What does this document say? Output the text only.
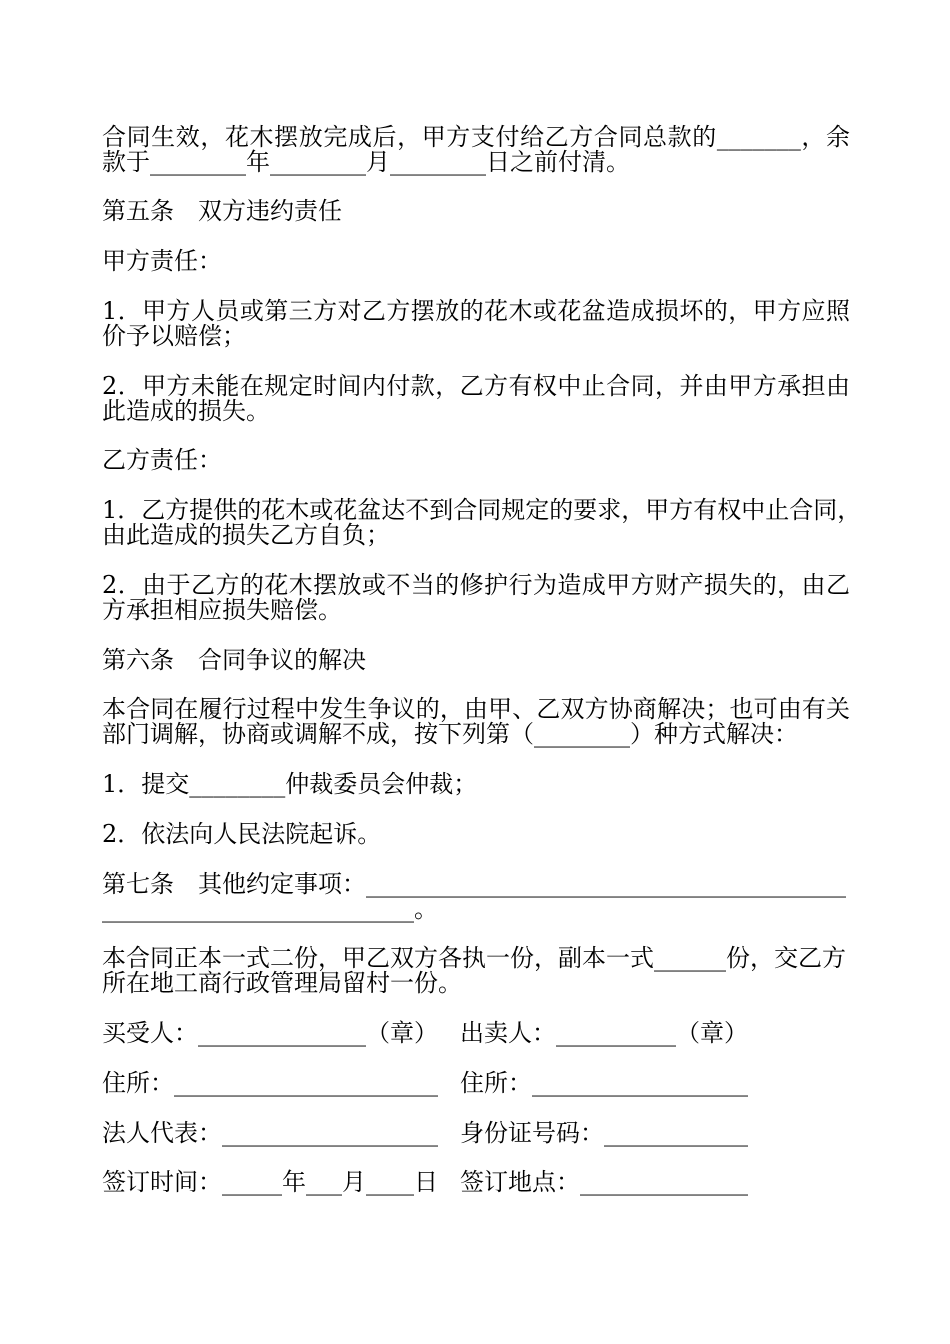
合同生效，花木摆放完成后，甲方支付给乙方合同总款的_______，余
款于________年________月________日之前付清。
第五条　双方违约责任
甲方责任：
1．甲方人员或第三方对乙方摆放的花木或花盆造成损坏的，甲方应照
价予以赔偿；
2．甲方未能在规定时间内付款，乙方有权中止合同，并由甲方承担由
此造成的损失。
乙方责任：
1．乙方提供的花木或花盆达不到合同规定的要求，甲方有权中止合同，
由此造成的损失乙方自负；
2．由于乙方的花木摆放或不当的修护行为造成甲方财产损失的，由乙
方承担相应损失赔偿。
第六条　合同争议的解决
本合同在履行过程中发生争议的，由甲、乙双方协商解决；也可由有关
部门调解，协商或调解不成，按下列第（________）种方式解决：
1．提交________仲裁委员会仲裁；
2．依法向人民法院起诉。
第七条　其他约定事项：________________________________________
__________________________。
本合同正本一式二份，甲乙双方各执一份，副本一式______份，交乙方
所在地工商行政管理局留村一份。
买受人：______________（章） 出卖人：__________（章）
住所：______________________ 住所：__________________
法人代表：__________________ 身份证号码：____________
签订时间：_____年___月____日 签订地点：______________
